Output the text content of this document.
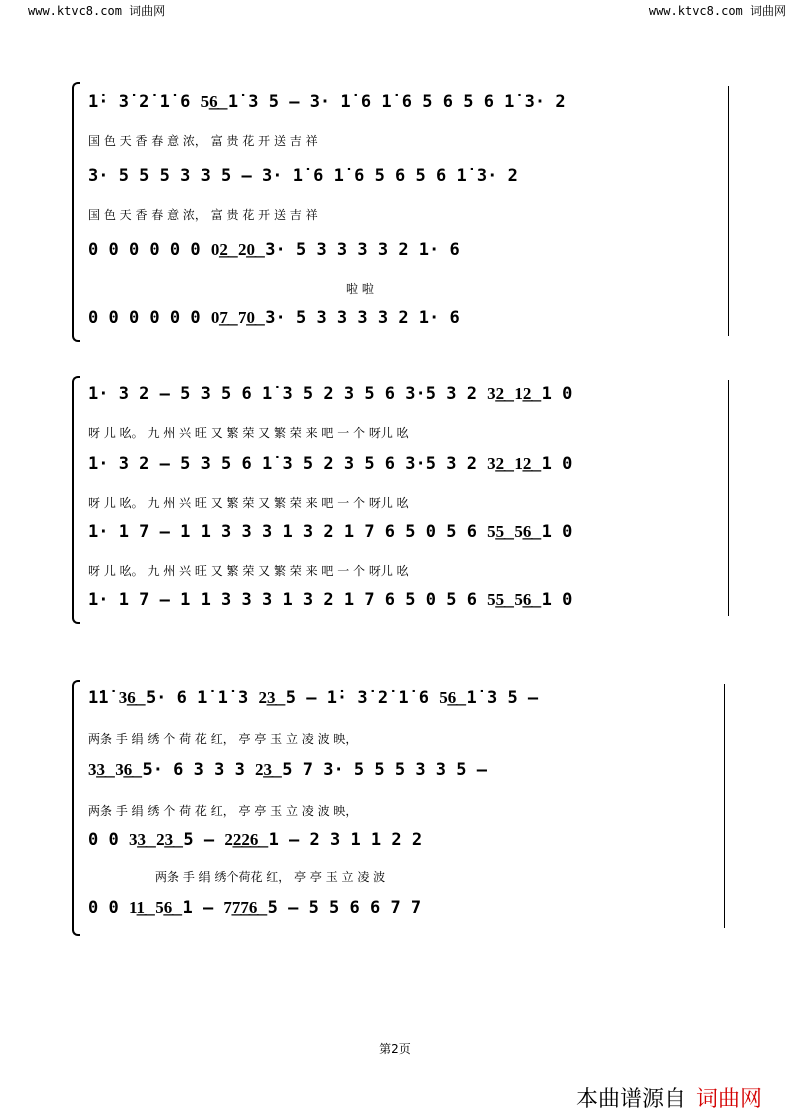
www.ktvc8.com 词曲网	www.ktvc8.com 词曲网
1̇· 3̇ 2̇ 1̇ 6 5͟6͟ 1̇ 3 5 – 3· 1̇ 6 1̇ 6 5 6 5 6 1̇ 3· 2
国 色 天 香 春 意 浓， 富 贵 花 开 送 吉 祥
3· 5 5 5 3 3 5 – 3· 1̇ 6 1̇ 6 5 6 5 6 1̇ 3· 2
国 色 天 香 春 意 浓， 富 贵 花 开 送 吉 祥
0 0 0 0 0 0 0͟2͟ 2͟0͟ 3· 5 3 3 3 3 2 1· 6
啦 啦
0 0 0 0 0 0 0͟7͟ 7͟0͟ 3· 5 3 3 3 3 2 1· 6
1· 3 2 – 5 3 5 6 1̇ 3 5 2 3 5 6 3·5 3 2 3͟2͟ 1͟2͟ 1 0
呀 儿 吆。 九 州 兴 旺 又 繁 荣 又 繁 荣 来 吧 一 个 呀儿 吆
1· 3 2 – 5 3 5 6 1̇ 3 5 2 3 5 6 3·5 3 2 3͟2͟ 1͟2͟ 1 0
呀 儿 吆。 九 州 兴 旺 又 繁 荣 又 繁 荣 来 吧 一 个 呀儿 吆
1· 1 7 – 1 1 3 3 3 1 3 2 1 7 6 5 0 5 6 5͟5͟ 5͟6͟ 1 0
呀 儿 吆。 九 州 兴 旺 又 繁 荣 又 繁 荣 来 吧 一 个 呀儿 吆
1· 1 7 – 1 1 3 3 3 1 3 2 1 7 6 5 0 5 6 5͟5͟ 5͟6͟ 1 0
1̇1̇ 3͟6͟ 5· 6 1̇ 1̇ 3 2͟3͟ 5 – 1̇· 3̇ 2̇ 1̇ 6 5͟6͟ 1̇ 3 5 –
两条 手 绢 绣 个 荷 花 红， 亭 亭 玉 立 凌 波 映，
3͟3͟ 3͟6͟ 5· 6 3 3 3 2͟3͟ 5 7 3· 5 5 5 3 3 5 –
两条 手 绢 绣 个 荷 花 红， 亭 亭 玉 立 凌 波 映，
0 0 3͟3͟ 2͟3͟ 5 – 2͟2͟2͟6͟ 1 – 2 3 1 1 2 2
两条 手 绢 绣个荷花 红， 亭 亭 玉 立 凌 波
0 0 1͟1͟ 5͟6͟ 1 – 7͟7͟7͟6͟ 5 – 5 5 6 6 7 7
第2页
本曲谱源自 词曲网
